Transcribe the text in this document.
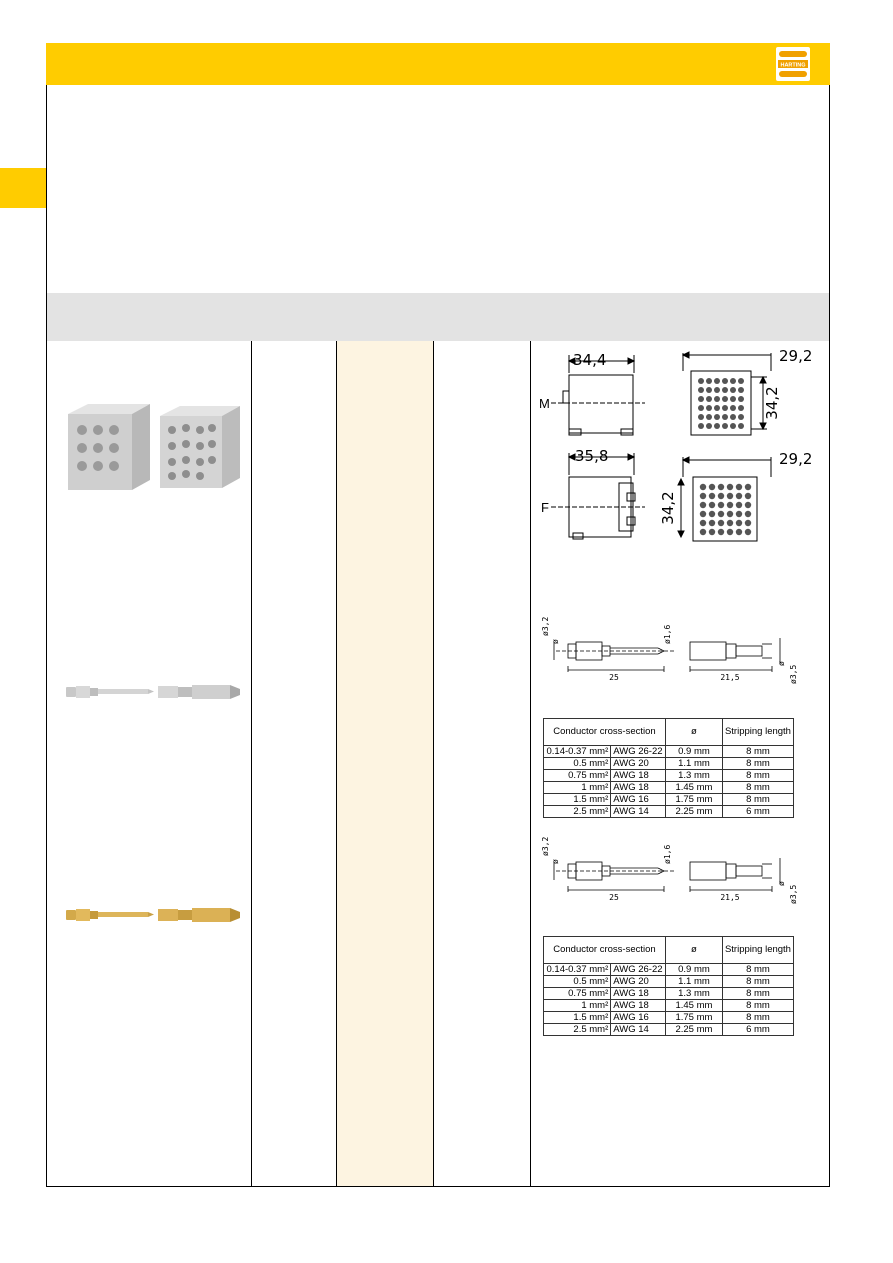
HARTING
34,4
35,8
29,2
29,2
34,2
34,2
M
F
ø3,2
ø	ø1,6
25	21,5
ø
ø3,5
Conductor cross-section		ø	Stripping length
0.14-0.37 mm²	AWG 26-22	0.9 mm	8 mm
0.5 mm²	AWG 20	1.1 mm	8 mm
0.75 mm²	AWG 18	1.3 mm	8 mm
1 mm²	AWG 18	1.45 mm	8 mm
1.5 mm²	AWG 16	1.75 mm	8 mm
2.5 mm²	AWG 14	2.25 mm	6 mm
ø3,2
ø	ø1,6
25	21,5
ø
ø3,5
Conductor cross-section		ø	Stripping length
0.14-0.37 mm²	AWG 26-22	0.9 mm	8 mm
0.5 mm²	AWG 20	1.1 mm	8 mm
0.75 mm²	AWG 18	1.3 mm	8 mm
1 mm²	AWG 18	1.45 mm	8 mm
1.5 mm²	AWG 16	1.75 mm	8 mm
2.5 mm²	AWG 14	2.25 mm	6 mm
